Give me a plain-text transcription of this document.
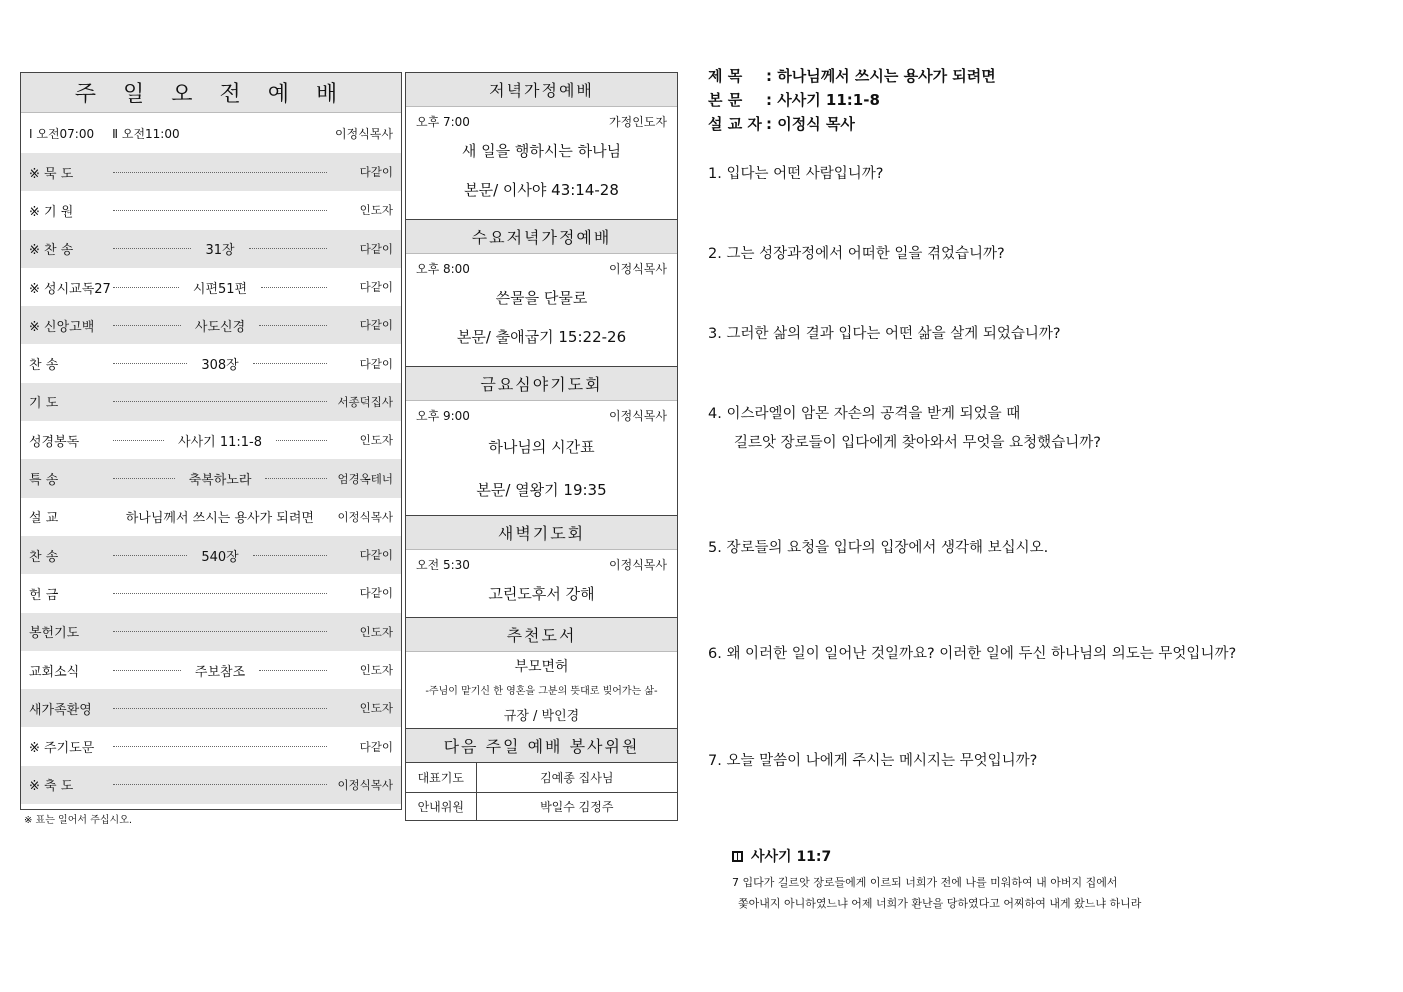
주 일 오 전 예 배
Ⅰ 오전07:00 Ⅱ 오전11:00	이정식목사
※ 묵 도	다같이
※ 기 원	인도자
※ 찬 송	31장	다같이
※ 성시교독27	시편51편	다같이
※ 신앙고백	사도신경	다같이
찬 송	308장	다같이
기 도	서종덕집사
성경봉독	사사기 11:1-8	인도자
특 송	축복하노라	엄경옥테너
설 교	하나님께서 쓰시는 용사가 되려면	이정식목사
찬 송	540장	다같이
헌 금	다같이
봉헌기도	인도자
교회소식	주보참조	인도자
새가족환영	인도자
※ 주기도문	다같이
※ 축 도	이정식목사
※ 표는 일어서 주십시오.
저녁가정예배
오후 7:00	가정인도자
새 일을 행하시는 하나님
본문/ 이사야 43:14-28
수요저녁가정예배
오후 8:00	이정식목사
쓴물을 단물로
본문/ 출애굽기 15:22-26
금요심야기도회
오후 9:00	이정식목사
하나님의 시간표
본문/ 열왕기 19:35
새벽기도회
오전 5:30	이정식목사
고린도후서 강해
추천도서
부모면허
-주님이 맡기신 한 영혼을 그분의 뜻대로 빚어가는 삶-
규장 / 박인경
다음 주일 예배 봉사위원
대표기도	김예종 집사님
안내위원	박일수 김정주
제 목	: 하나님께서 쓰시는 용사가 되려면
본 문	: 사사기 11:1-8
설 교 자 : 이정식 목사
1. 입다는 어떤 사람입니까?
2. 그는 성장과정에서 어떠한 일을 겪었습니까?
3. 그러한 삶의 결과 입다는 어떤 삶을 살게 되었습니까?
4. 이스라엘이 암몬 자손의 공격을 받게 되었을 때
길르앗 장로들이 입다에게 찾아와서 무엇을 요청했습니까?
5. 장로들의 요청을 입다의 입장에서 생각해 보십시오.
6. 왜 이러한 일이 일어난 것일까요? 이러한 일에 두신 하나님의 의도는 무엇입니까?
7. 오늘 말씀이 나에게 주시는 메시지는 무엇입니까?
사사기 11:7
7 입다가 길르앗 장로들에게 이르되 너희가 전에 나를 미워하여 내 아버지 집에서
쫓아내지 아니하였느냐 어제 너희가 환난을 당하였다고 어찌하여 내게 왔느냐 하니라
